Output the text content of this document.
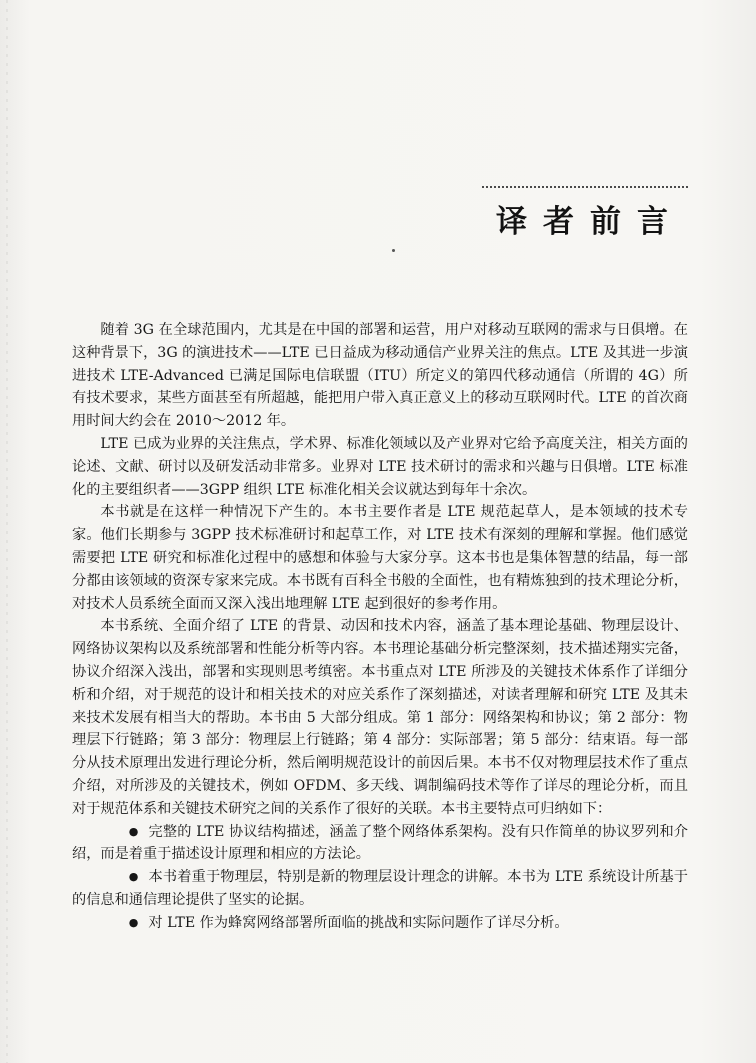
译者前言

随着 3G 在全球范围内，尤其是在中国的部署和运营，用户对移动互联网的需求与日俱增。在这种背景下，3G 的演进技术——LTE 已日益成为移动通信产业界关注的焦点。LTE 及其进一步演进技术 LTE-Advanced 已满足国际电信联盟（ITU）所定义的第四代移动通信（所谓的 4G）所有技术要求，某些方面甚至有所超越，能把用户带入真正意义上的移动互联网时代。LTE 的首次商用时间大约会在 2010～2012 年。

LTE 已成为业界的关注焦点，学术界、标准化领域以及产业界对它给予高度关注，相关方面的论述、文献、研讨以及研发活动非常多。业界对 LTE 技术研讨的需求和兴趣与日俱增。LTE 标准化的主要组织者——3GPP 组织 LTE 标准化相关会议就达到每年十余次。

本书就是在这样一种情况下产生的。本书主要作者是 LTE 规范起草人，是本领域的技术专家。他们长期参与 3GPP 技术标准研讨和起草工作，对 LTE 技术有深刻的理解和掌握。他们感觉需要把 LTE 研究和标准化过程中的感想和体验与大家分享。这本书也是集体智慧的结晶，每一部分都由该领域的资深专家来完成。本书既有百科全书般的全面性，也有精炼独到的技术理论分析，对技术人员系统全面而又深入浅出地理解 LTE 起到很好的参考作用。

本书系统、全面介绍了 LTE 的背景、动因和技术内容，涵盖了基本理论基础、物理层设计、网络协议架构以及系统部署和性能分析等内容。本书理论基础分析完整深刻，技术描述翔实完备，协议介绍深入浅出，部署和实现则思考缜密。本书重点对 LTE 所涉及的关键技术体系作了详细分析和介绍，对于规范的设计和相关技术的对应关系作了深刻描述，对读者理解和研究 LTE 及其未来技术发展有相当大的帮助。本书由 5 大部分组成。第 1 部分：网络架构和协议；第 2 部分：物理层下行链路；第 3 部分：物理层上行链路；第 4 部分：实际部署；第 5 部分：结束语。每一部分从技术原理出发进行理论分析，然后阐明规范设计的前因后果。本书不仅对物理层技术作了重点介绍，对所涉及的关键技术，例如 OFDM、多天线、调制编码技术等作了详尽的理论分析，而且对于规范体系和关键技术研究之间的关系作了很好的关联。本书主要特点可归纳如下：

● 完整的 LTE 协议结构描述，涵盖了整个网络体系架构。没有只作简单的协议罗列和介绍，而是着重于描述设计原理和相应的方法论。

● 本书着重于物理层，特别是新的物理层设计理念的讲解。本书为 LTE 系统设计所基于的信息和通信理论提供了坚实的论据。

● 对 LTE 作为蜂窝网络部署所面临的挑战和实际问题作了详尽分析。
